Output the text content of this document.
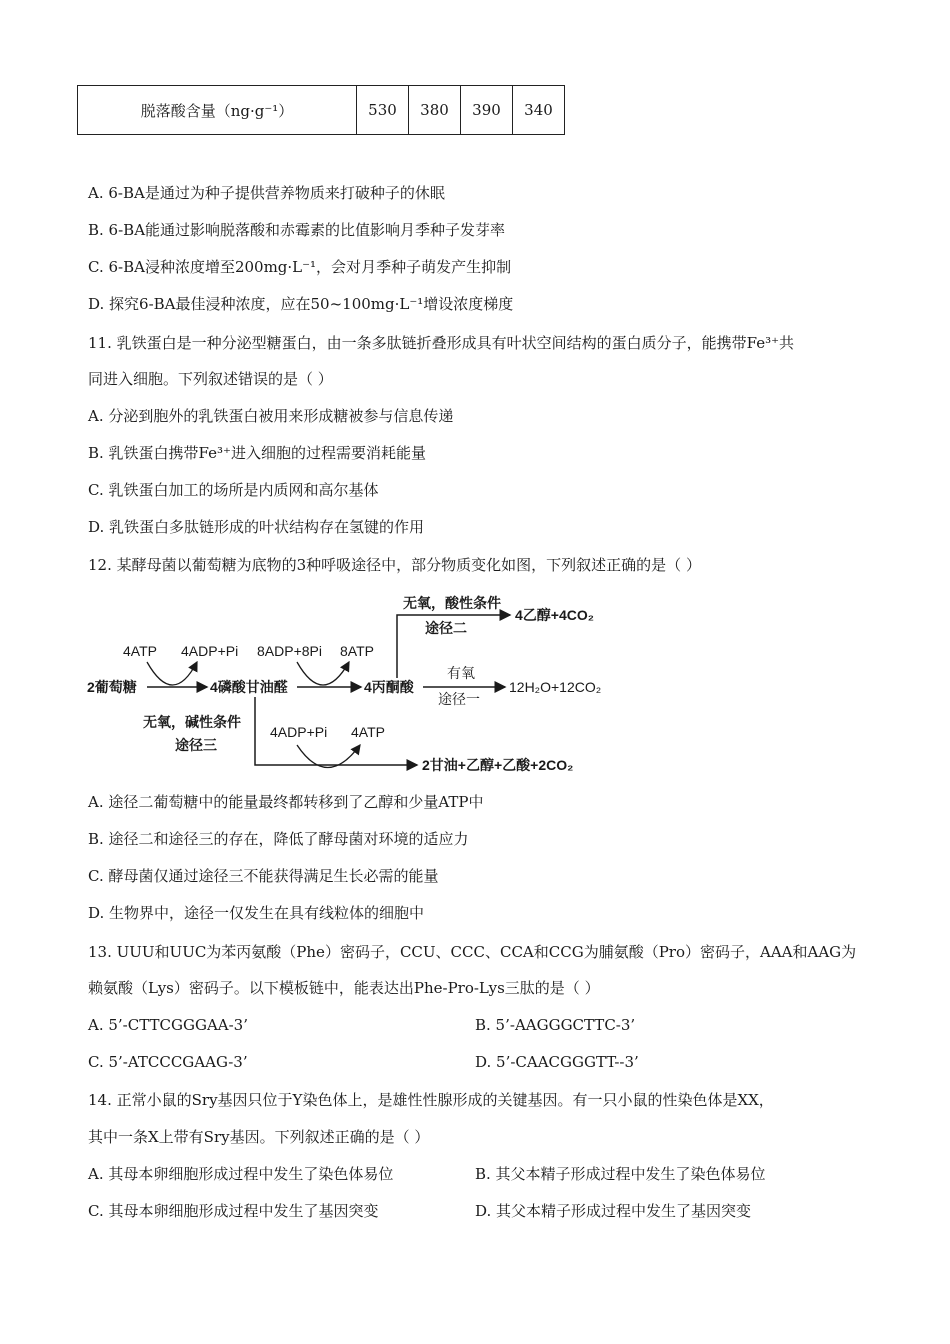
脱落酸含量（ng·g⁻¹）	530	380	390	340
A. 6-BA是通过为种子提供营养物质来打破种子的休眠
B. 6-BA能通过影响脱落酸和赤霉素的比值影响月季种子发芽率
C. 6-BA浸种浓度增至200mg·L⁻¹，会对月季种子萌发产生抑制
D. 探究6-BA最佳浸种浓度，应在50~100mg·L⁻¹增设浓度梯度
11. 乳铁蛋白是一种分泌型糖蛋白，由一条多肽链折叠形成具有叶状空间结构的蛋白质分子，能携带Fe³⁺共
同进入细胞。下列叙述错误的是（ ）
A. 分泌到胞外的乳铁蛋白被用来形成糖被参与信息传递
B. 乳铁蛋白携带Fe³⁺进入细胞的过程需要消耗能量
C. 乳铁蛋白加工的场所是内质网和高尔基体
D. 乳铁蛋白多肽链形成的叶状结构存在氢键的作用
12. 某酵母菌以葡萄糖为底物的3种呼吸途径中，部分物质变化如图，下列叙述正确的是（ ）
2葡萄糖	4磷酸甘油醛	4丙酮酸
4ATP 4ADP+Pi 8ADP+8Pi 8ATP
无氧，酸性条件
途径二
4乙醇+4CO₂
有氧
途径一
12H₂O+12CO₂
无氧，碱性条件
途径三
4ADP+Pi 4ATP
2甘油+乙醇+乙酸+2CO₂
A. 途径二葡萄糖中的能量最终都转移到了乙醇和少量ATP中
B. 途径二和途径三的存在，降低了酵母菌对环境的适应力
C. 酵母菌仅通过途径三不能获得满足生长必需的能量
D. 生物界中，途径一仅发生在具有线粒体的细胞中
13. UUU和UUC为苯丙氨酸（Phe）密码子，CCU、CCC、CCA和CCG为脯氨酸（Pro）密码子，AAA和AAG为
赖氨酸（Lys）密码子。以下模板链中，能表达出Phe-Pro-Lys三肽的是（ ）
A. 5’-CTTCGGGAA-3’	B. 5’-AAGGGCTTC-3’
C. 5’-ATCCCGAAG-3’	D. 5’-CAACGGGTT--3’
14. 正常小鼠的Sry基因只位于Y染色体上，是雄性性腺形成的关键基因。有一只小鼠的性染色体是XX，
其中一条X上带有Sry基因。下列叙述正确的是（ ）
A. 其母本卵细胞形成过程中发生了染色体易位	B. 其父本精子形成过程中发生了染色体易位
C. 其母本卵细胞形成过程中发生了基因突变	D. 其父本精子形成过程中发生了基因突变
